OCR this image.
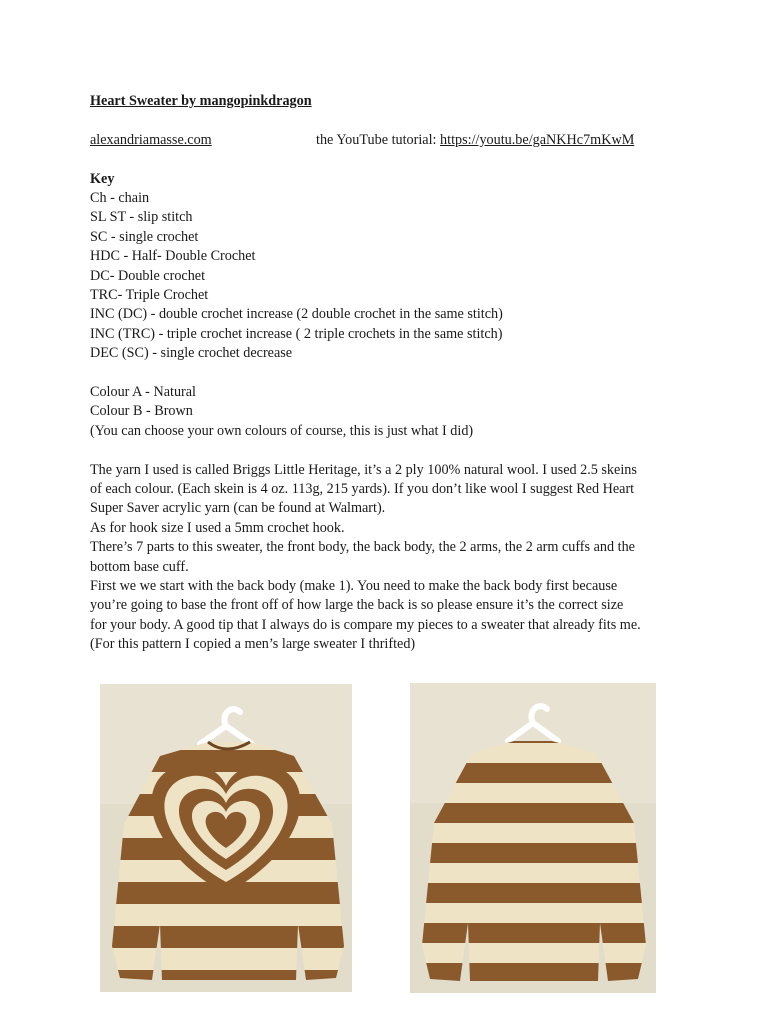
Heart Sweater by mangopinkdragon

alexandriamasse.com	the YouTube tutorial: https://youtu.be/gaNKHc7mKwM
Key
Ch - chain
SL ST - slip stitch
SC - single crochet
HDC - Half- Double Crochet
DC- Double crochet
TRC- Triple Crochet
INC (DC) - double crochet increase (2 double crochet in the same stitch)
INC (TRC) - triple crochet increase ( 2 triple crochets in the same stitch)
DEC (SC) - single crochet decrease
Colour A - Natural
Colour B - Brown
(You can choose your own colours of course, this is just what I did)
The yarn I used is called Briggs Little Heritage, it’s a 2 ply 100% natural wool. I used 2.5 skeins
of each colour. (Each skein is 4 oz. 113g, 215 yards). If you don’t like wool I suggest Red Heart
Super Saver acrylic yarn (can be found at Walmart).
As for hook size I used a 5mm crochet hook.
There’s 7 parts to this sweater, the front body, the back body, the 2 arms, the 2 arm cuffs and the
bottom base cuff.
First we we start with the back body (make 1). You need to make the back body first because
you’re going to base the front off of how large the back is so please ensure it’s the correct size
for your body. A good tip that I always do is compare my pieces to a sweater that already fits me.
(For this pattern I copied a men’s large sweater I thrifted)
